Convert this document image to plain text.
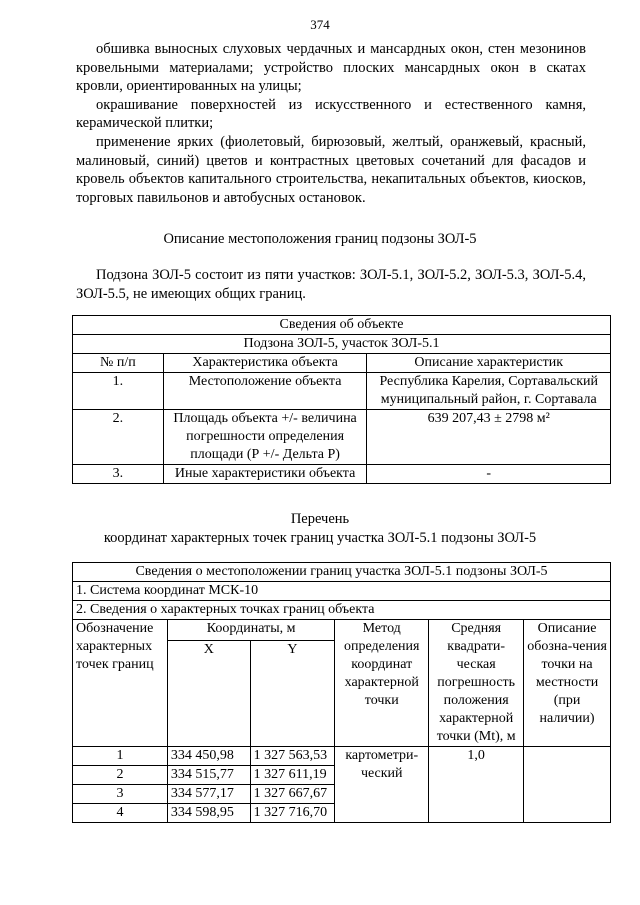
374

обшивка выносных слуховых чердачных и мансардных окон, стен мезонинов кровельными материалами; устройство плоских мансардных окон в скатах кровли, ориентированных на улицы;

окрашивание поверхностей из искусственного и естественного камня, керамической плитки;

применение ярких (фиолетовый, бирюзовый, желтый, оранжевый, красный, малиновый, синий) цветов и контрастных цветовых сочетаний для фасадов и кровель объектов капитального строительства, некапитальных объектов, киосков, торговых павильонов и автобусных остановок.

Описание местоположения границ подзоны ЗОЛ-5

Подзона ЗОЛ-5 состоит из пяти участков: ЗОЛ-5.1, ЗОЛ-5.2, ЗОЛ-5.3, ЗОЛ-5.4, ЗОЛ-5.5, не имеющих общих границ.

Сведения об объекте		
Подзона ЗОЛ-5, участок ЗОЛ-5.1		
№ п/п	Характеристика объекта	Описание характеристик
1.	Местоположение объекта	Республика Карелия, Сортавальский муниципальный район, г. Сортавала
2.	Площадь объекта +/- величина погрешности определения площади (Р +/- Дельта Р)	639 207,43 ± 2798 м²
3.	Иные характеристики объекта	-

Перечень

координат характерных точек границ участка ЗОЛ-5.1 подзоны ЗОЛ-5

Сведения о местоположении границ участка ЗОЛ-5.1 подзоны ЗОЛ-5					
1. Система координат МСК-10					
2. Сведения о характерных точках границ объекта					
Обозначение характерных точек границ	Координаты, м		Метод определения координат характерной точки	Средняя квадрати-ческая погрешность положения характерной точки (Mt), м	Описание обозна-чения точки на местности (при наличии)
	X	Y			
1	334 450,98	1 327 563,53	картометри-ческий	1,0	
2	334 515,77	1 327 611,19			
3	334 577,17	1 327 667,67			
4	334 598,95	1 327 716,70			
